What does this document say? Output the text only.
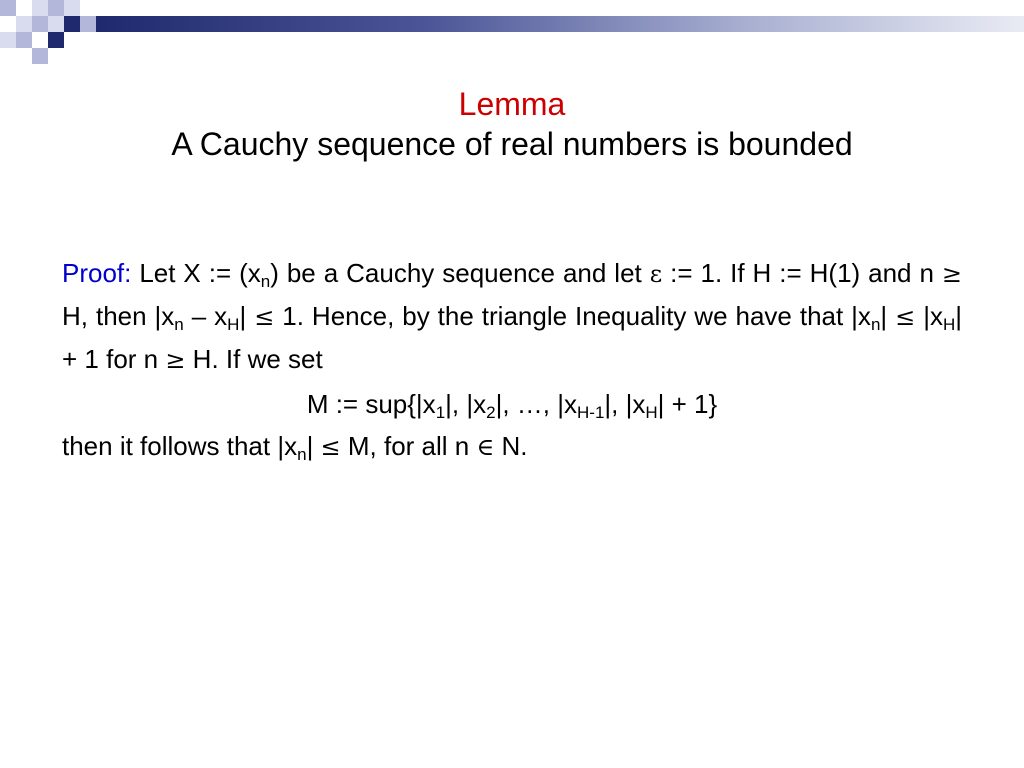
Lemma
A Cauchy sequence of real numbers is bounded

Proof: Let X := $(x_n)$ be a Cauchy sequence and let ε := 1. If H := H(1) and n ≥ H, then $|x_n - x_H| \le 1$. Hence, by the triangle Inequality we have that $|x_n| \le |x_H| + 1$ for n ≥ H. If we set

M := $sup\{|x_1|$, $|x_2|$, …, $|x_{H-1}|$, $|x_H| + 1$}

then it follows that $|x_n| \le M$, for all n ∈ N.
